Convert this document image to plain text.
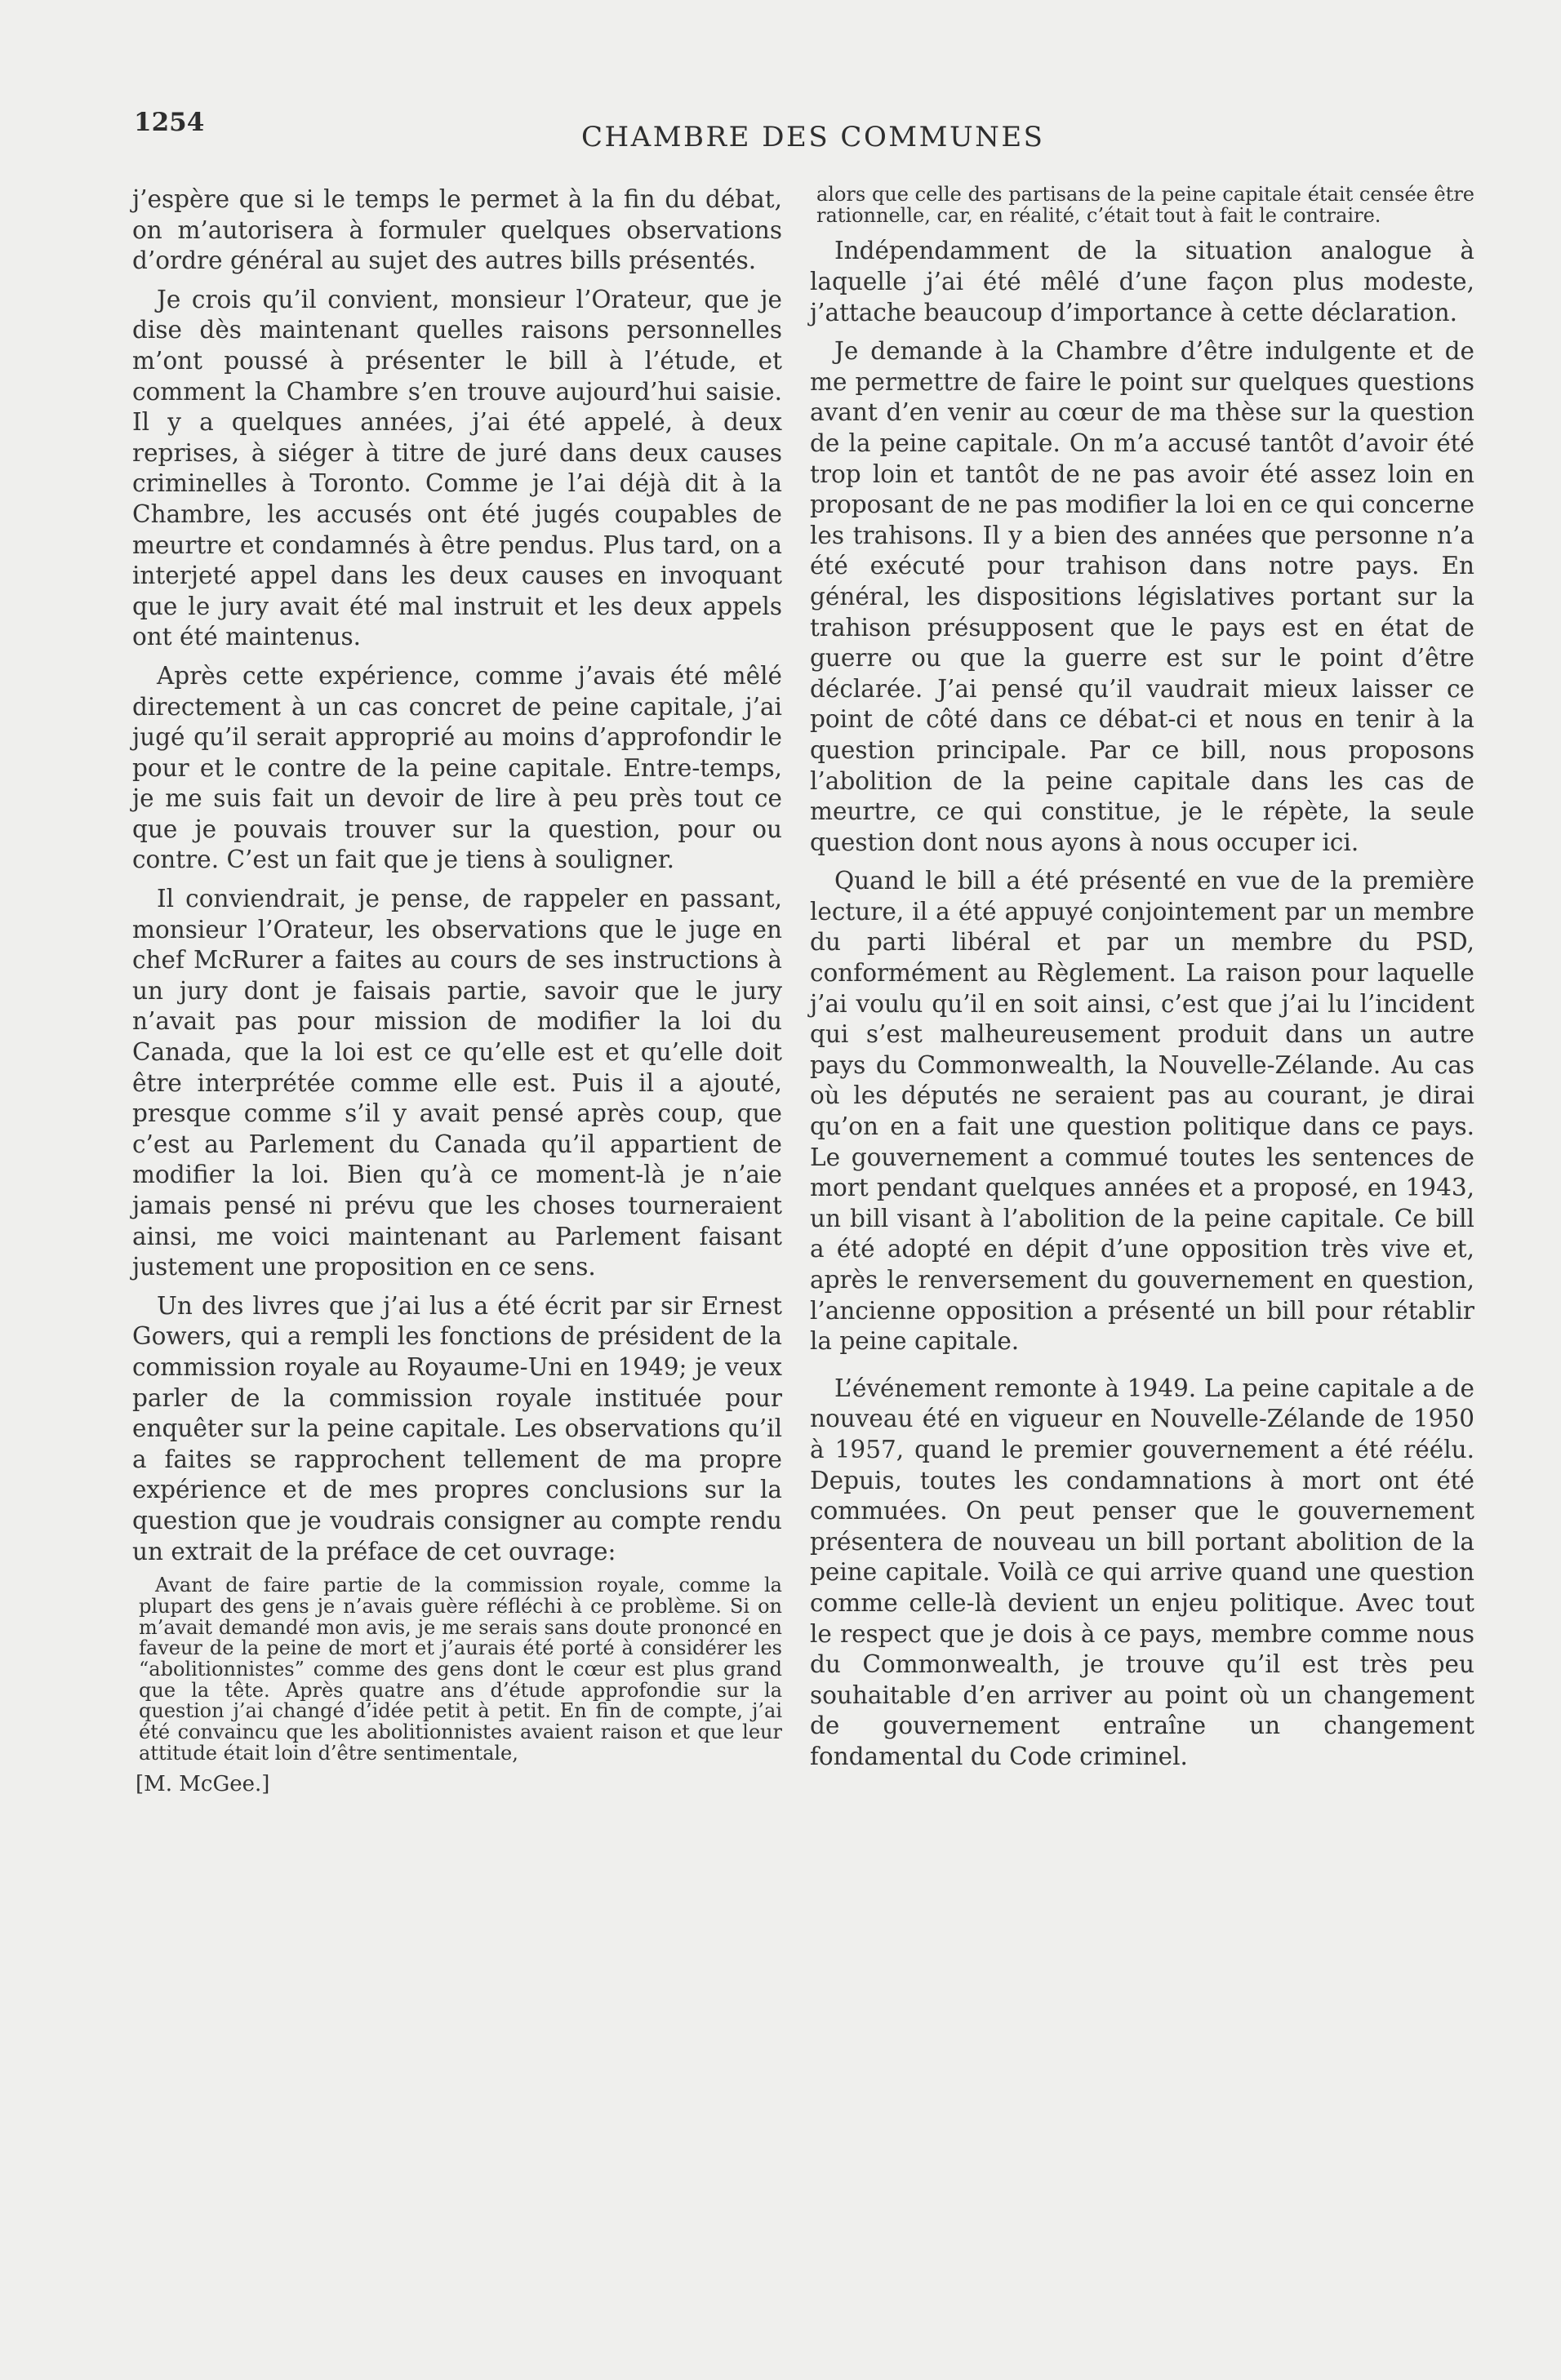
1254	CHAMBRE DES COMMUNES

j’espère que si le temps le permet à la fin du débat, on m’autorisera à formuler quelques observations d’ordre général au sujet des autres bills présentés.

Je crois qu’il convient, monsieur l’Orateur, que je dise dès maintenant quelles raisons personnelles m’ont poussé à présenter le bill à l’étude, et comment la Chambre s’en trouve aujourd’hui saisie. Il y a quelques années, j’ai été appelé, à deux reprises, à siéger à titre de juré dans deux causes criminelles à Toronto. Comme je l’ai déjà dit à la Chambre, les accusés ont été jugés coupables de meurtre et condamnés à être pendus. Plus tard, on a interjeté appel dans les deux causes en invoquant que le jury avait été mal instruit et les deux appels ont été maintenus.

Après cette expérience, comme j’avais été mêlé directement à un cas concret de peine capitale, j’ai jugé qu’il serait approprié au moins d’approfondir le pour et le contre de la peine capitale. Entre-temps, je me suis fait un devoir de lire à peu près tout ce que je pouvais trouver sur la question, pour ou contre. C’est un fait que je tiens à souligner.

Il conviendrait, je pense, de rappeler en passant, monsieur l’Orateur, les observations que le juge en chef McRurer a faites au cours de ses instructions à un jury dont je faisais partie, savoir que le jury n’avait pas pour mission de modifier la loi du Canada, que la loi est ce qu’elle est et qu’elle doit être interprétée comme elle est. Puis il a ajouté, presque comme s’il y avait pensé après coup, que c’est au Parlement du Canada qu’il appartient de modifier la loi. Bien qu’à ce moment-là je n’aie jamais pensé ni prévu que les choses tourneraient ainsi, me voici maintenant au Parlement faisant justement une proposition en ce sens.

Un des livres que j’ai lus a été écrit par sir Ernest Gowers, qui a rempli les fonctions de président de la commission royale au Royaume-Uni en 1949; je veux parler de la commission royale instituée pour enquêter sur la peine capitale. Les observations qu’il a faites se rapprochent tellement de ma propre expérience et de mes propres conclusions sur la question que je voudrais consigner au compte rendu un extrait de la préface de cet ouvrage:

Avant de faire partie de la commission royale, comme la plupart des gens je n’avais guère réfléchi à ce problème. Si on m’avait demandé mon avis, je me serais sans doute prononcé en faveur de la peine de mort et j’aurais été porté à considérer les “abolitionnistes” comme des gens dont le cœur est plus grand que la tête. Après quatre ans d’étude approfondie sur la question j’ai changé d’idée petit à petit. En fin de compte, j’ai été convaincu que les abolitionnistes avaient raison et que leur attitude était loin d’être sentimentale,

[M. McGee.]

alors que celle des partisans de la peine capitale était censée être rationnelle, car, en réalité, c’était tout à fait le contraire.

Indépendamment de la situation analogue à laquelle j’ai été mêlé d’une façon plus modeste, j’attache beaucoup d’importance à cette déclaration.

Je demande à la Chambre d’être indulgente et de me permettre de faire le point sur quelques questions avant d’en venir au cœur de ma thèse sur la question de la peine capitale. On m’a accusé tantôt d’avoir été trop loin et tantôt de ne pas avoir été assez loin en proposant de ne pas modifier la loi en ce qui concerne les trahisons. Il y a bien des années que personne n’a été exécuté pour trahison dans notre pays. En général, les dispositions législatives portant sur la trahison présupposent que le pays est en état de guerre ou que la guerre est sur le point d’être déclarée. J’ai pensé qu’il vaudrait mieux laisser ce point de côté dans ce débat-ci et nous en tenir à la question principale. Par ce bill, nous proposons l’abolition de la peine capitale dans les cas de meurtre, ce qui constitue, je le répète, la seule question dont nous ayons à nous occuper ici.

Quand le bill a été présenté en vue de la première lecture, il a été appuyé conjointement par un membre du parti libéral et par un membre du PSD, conformément au Règlement. La raison pour laquelle j’ai voulu qu’il en soit ainsi, c’est que j’ai lu l’incident qui s’est malheureusement produit dans un autre pays du Commonwealth, la Nouvelle-Zélande. Au cas où les députés ne seraient pas au courant, je dirai qu’on en a fait une question politique dans ce pays. Le gouvernement a commué toutes les sentences de mort pendant quelques années et a proposé, en 1943, un bill visant à l’abolition de la peine capitale. Ce bill a été adopté en dépit d’une opposition très vive et, après le renversement du gouvernement en question, l’ancienne opposition a présenté un bill pour rétablir la peine capitale.

L’événement remonte à 1949. La peine capitale a de nouveau été en vigueur en Nouvelle-Zélande de 1950 à 1957, quand le premier gouvernement a été réélu. Depuis, toutes les condamnations à mort ont été commuées. On peut penser que le gouvernement présentera de nouveau un bill portant abolition de la peine capitale. Voilà ce qui arrive quand une question comme celle-là devient un enjeu politique. Avec tout le respect que je dois à ce pays, membre comme nous du Commonwealth, je trouve qu’il est très peu souhaitable d’en arriver au point où un changement de gouvernement entraîne un changement fondamental du Code criminel.
